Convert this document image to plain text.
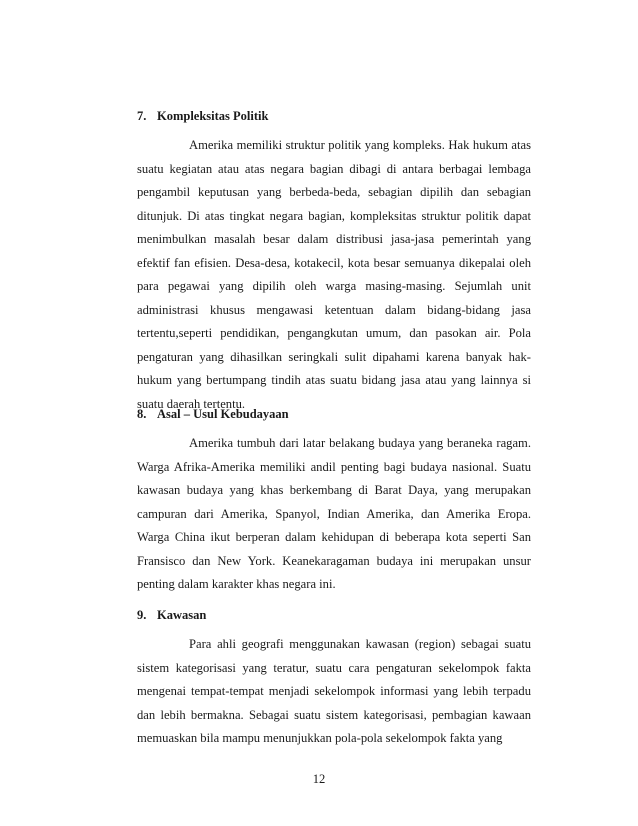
7. Kompleksitas Politik
Amerika memiliki struktur politik yang kompleks. Hak hukum atas suatu kegiatan atau atas negara bagian dibagi di antara berbagai lembaga pengambil keputusan yang berbeda-beda, sebagian dipilih dan sebagian ditunjuk. Di atas tingkat negara bagian, kompleksitas struktur politik dapat menimbulkan masalah besar dalam distribusi jasa-jasa pemerintah yang efektif fan efisien. Desa-desa, kotakecil, kota besar semuanya dikepalai oleh para pegawai yang dipilih oleh warga masing-masing. Sejumlah unit administrasi khusus mengawasi ketentuan dalam bidang-bidang jasa tertentu,seperti pendidikan, pengangkutan umum, dan pasokan air. Pola pengaturan yang dihasilkan seringkali sulit dipahami karena banyak hak-hukum yang bertumpang tindih atas suatu bidang jasa atau yang lainnya si suatu daerah tertentu.
8. Asal – Usul Kebudayaan
Amerika tumbuh dari latar belakang budaya yang beraneka ragam. Warga Afrika-Amerika memiliki andil penting bagi budaya nasional. Suatu kawasan budaya yang khas berkembang di Barat Daya, yang merupakan campuran dari Amerika, Spanyol, Indian Amerika, dan Amerika Eropa. Warga China ikut berperan dalam kehidupan di beberapa kota seperti San Fransisco dan New York. Keanekaragaman budaya ini merupakan unsur penting dalam karakter khas negara ini.
9. Kawasan
Para ahli geografi menggunakan kawasan (region) sebagai suatu sistem kategorisasi yang teratur, suatu cara pengaturan sekelompok fakta mengenai tempat-tempat menjadi sekelompok informasi yang lebih terpadu dan lebih bermakna. Sebagai suatu sistem kategorisasi, pembagian kawaan memuaskan bila mampu menunjukkan pola-pola sekelompok fakta yang
12
